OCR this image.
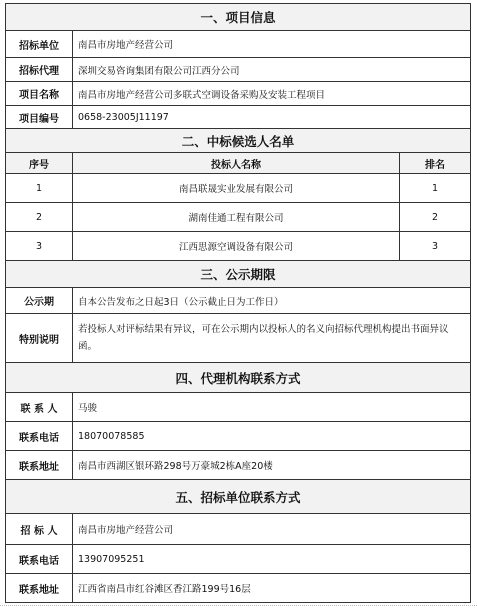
一、项目信息		
招标单位	南昌市房地产经营公司	
招标代理	深圳交易咨询集团有限公司江西分公司	
项目名称	南昌市房地产经营公司多联式空调设备采购及安装工程项目	
项目编号	0658-23005J11197	
二、中标候选人名单		
序号	投标人名称	排名
1	南昌联晟实业发展有限公司	1
2	湖南佳通工程有限公司	2
3	江西思源空调设备有限公司	3
三、公示期限		
公示期	自本公告发布之日起3日（公示截止日为工作日）	
特别说明	若投标人对评标结果有异议，可在公示期内以投标人的名义向招标代理机构提出书面异议函。	
四、代理机构联系方式		
联 系 人	马骏	
联系电话	18070078585	
联系地址	南昌市西湖区银环路298号万豪城2栋A座20楼	
五、招标单位联系方式		
招 标 人	南昌市房地产经营公司	
联系电话	13907095251	
联系地址	江西省南昌市红谷滩区香江路199号16层	
